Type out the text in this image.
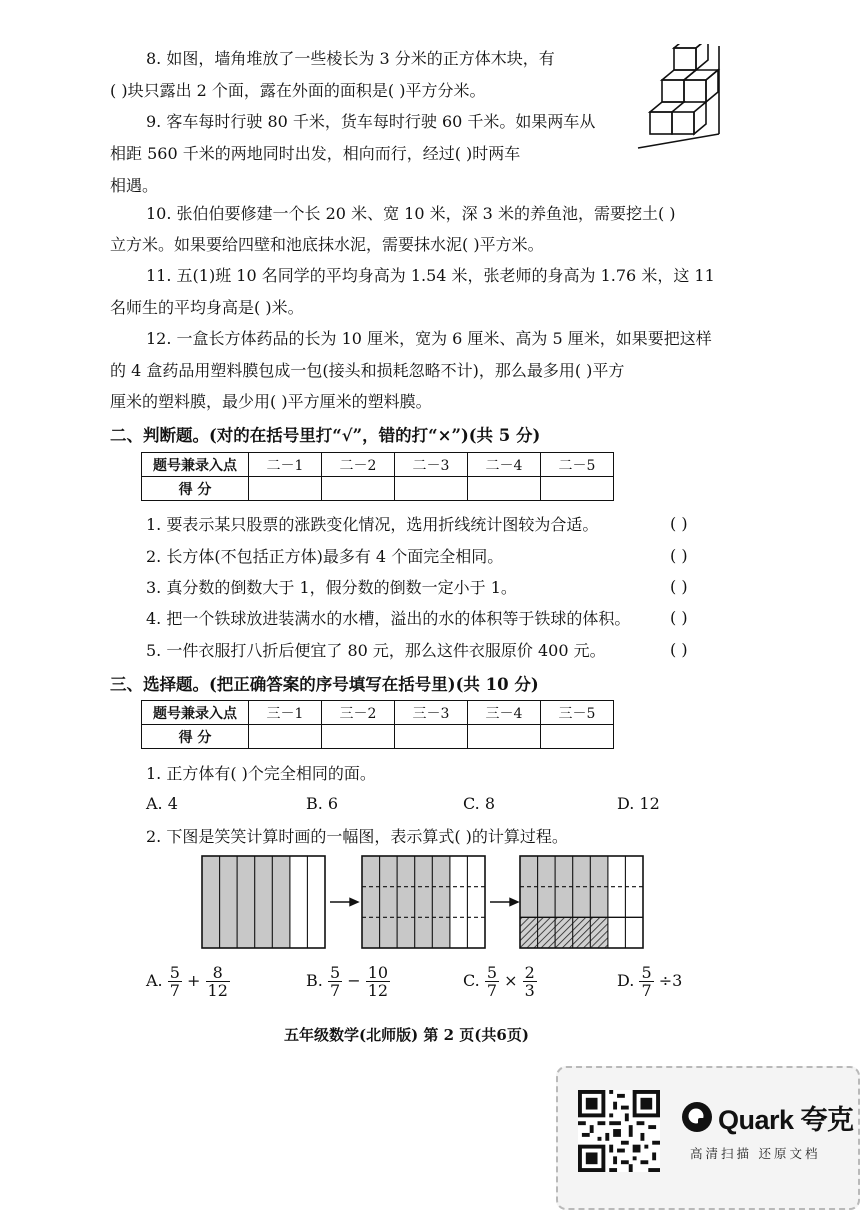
8. 如图，墙角堆放了一些棱长为 3 分米的正方体木块，有
( )块只露出 2 个面，露在外面的面积是( )平方分米。
9. 客车每时行驶 80 千米，货车每时行驶 60 千米。如果两车从
相距 560 千米的两地同时出发，相向而行，经过( )时两车
相遇。
10. 张伯伯要修建一个长 20 米、宽 10 米，深 3 米的养鱼池，需要挖土( )
立方米。如果要给四壁和池底抹水泥，需要抹水泥( )平方米。
11. 五(1)班 10 名同学的平均身高为 1.54 米，张老师的身高为 1.76 米，这 11
名师生的平均身高是( )米。
12. 一盒长方体药品的长为 10 厘米，宽为 6 厘米、高为 5 厘米，如果要把这样
的 4 盒药品用塑料膜包成一包(接头和损耗忽略不计)，那么最多用( )平方
厘米的塑料膜，最少用( )平方厘米的塑料膜。
二、判断题。(对的在括号里打“√”，错的打“×”)(共 5 分)
题号兼录入点	二－1	二－2	二－3	二－4	二－5
得 分					
1. 要表示某只股票的涨跌变化情况，选用折线统计图较为合适。	( )
2. 长方体(不包括正方体)最多有 4 个面完全相同。	( )
3. 真分数的倒数大于 1，假分数的倒数一定小于 1。	( )
4. 把一个铁球放进装满水的水槽，溢出的水的体积等于铁球的体积。 ( )
5. 一件衣服打八折后便宜了 80 元，那么这件衣服原价 400 元。	( )
三、选择题。(把正确答案的序号填写在括号里)(共 10 分)
题号兼录入点	三－1	三－2	三－3	三－4	三－5
得 分					
1. 正方体有( )个完全相同的面。
A. 4	B. 6	C. 8	D. 12
2. 下图是笑笑计算时画的一幅图，表示算式( )的计算过程。
A. $\frac{5}{7} + \frac{8}{12}$	B. $\frac{5}{7} - \frac{10}{12}$	C. $\frac{5}{7} \times \frac{2}{3}$	D. $\frac{5}{7} \div 3$
五年级数学(北师版) 第 2 页(共6页)
Quark 夸克
高清扫描 还原文档
